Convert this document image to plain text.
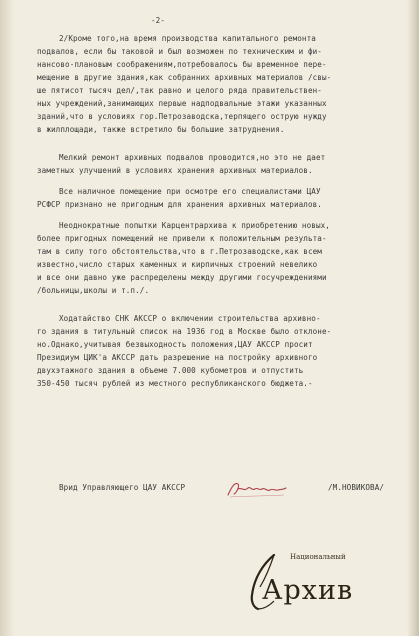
-2-
2/Кроме того,на время производства капитального ремонта
подвалов, если бы таковой и был возможен по техническим и фи-
нансово-плановым соображениям,потребовалось бы временное пере-
мещение в другие здания,как собранних архивных материалов /свы-
ше пятисот тысяч дел/,так равно и целого ряда правительствен-
ных учреждений,занимающих первые надподвальные этажи указанных
зданий,что в условиях гор.Петрозаводска,терпящего острую нужду
в жилплощади, также встретило бы большие затруднения.
Мелкий ремонт архивных подвалов проводится,но это не дает
заметных улучшений в условиях хранения архивных материалов.
Все наличное помещение при осмотре его специалистами ЦАУ
РСФСР признано не пригодным для хранения архивных материалов.
Неоднократные попытки Карцентрархива к приобретению новых,
более пригодных помещений не привели к положительным результа-
там в силу того обстоятельства,что в г.Петрозаводске,как всем
известно,число старых каменных и кирпичных строений невелико
и все они давно уже распределены между другими госучреждениями
/больницы,школы и т.п./.
Ходатайство СНК АКССР о включении строительства архивно-
го здания в титульный список на 1936 год в Москве было отклоне-
но.Однако,учитывая безвыходность положения,ЦАУ АКССР просит
Президиум ЦИК'а АКССР дать разрешение на постройку архивного
двухэтажного здания в объеме 7.000 кубометров и отпустить
350-450 тысяч рублей из местного республиканского бюджета.-
Врид Управляющего ЦАУ АКССР	/М.НОВИКОВА/
Национальный
Архив
